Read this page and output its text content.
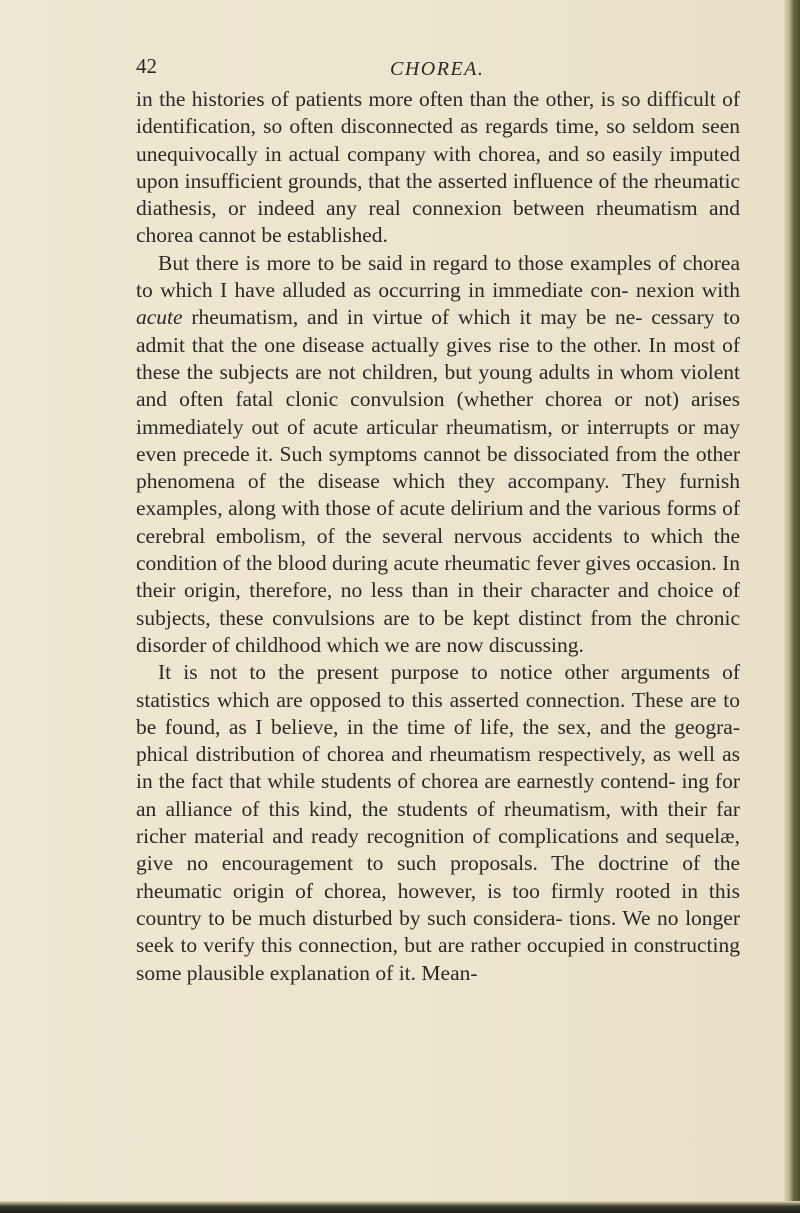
42	CHOREA.

in the histories of patients more often than the other, is so difficult of identification, so often disconnected as regards time, so seldom seen unequivocally in actual company with chorea, and so easily imputed upon insufficient grounds, that the asserted influence of the rheumatic diathesis, or indeed any real connexion between rheumatism and chorea cannot be established.

But there is more to be said in regard to those examples of chorea to which I have alluded as occurring in immediate con- nexion with acute rheumatism, and in virtue of which it may be ne- cessary to admit that the one disease actually gives rise to the other. In most of these the subjects are not children, but young adults in whom violent and often fatal clonic convulsion (whether chorea or not) arises immediately out of acute articular rheumatism, or interrupts or may even precede it. Such symptoms cannot be dissociated from the other phenomena of the disease which they accompany. They furnish examples, along with those of acute delirium and the various forms of cerebral embolism, of the several nervous accidents to which the condition of the blood during acute rheumatic fever gives occasion. In their origin, therefore, no less than in their character and choice of subjects, these convulsions are to be kept distinct from the chronic disorder of childhood which we are now discussing.

It is not to the present purpose to notice other arguments of statistics which are opposed to this asserted connection. These are to be found, as I believe, in the time of life, the sex, and the geogra- phical distribution of chorea and rheumatism respectively, as well as in the fact that while students of chorea are earnestly contend- ing for an alliance of this kind, the students of rheumatism, with their far richer material and ready recognition of complications and sequelæ, give no encouragement to such proposals. The doctrine of the rheumatic origin of chorea, however, is too firmly rooted in this country to be much disturbed by such considera- tions. We no longer seek to verify this connection, but are rather occupied in constructing some plausible explanation of it. Mean-
